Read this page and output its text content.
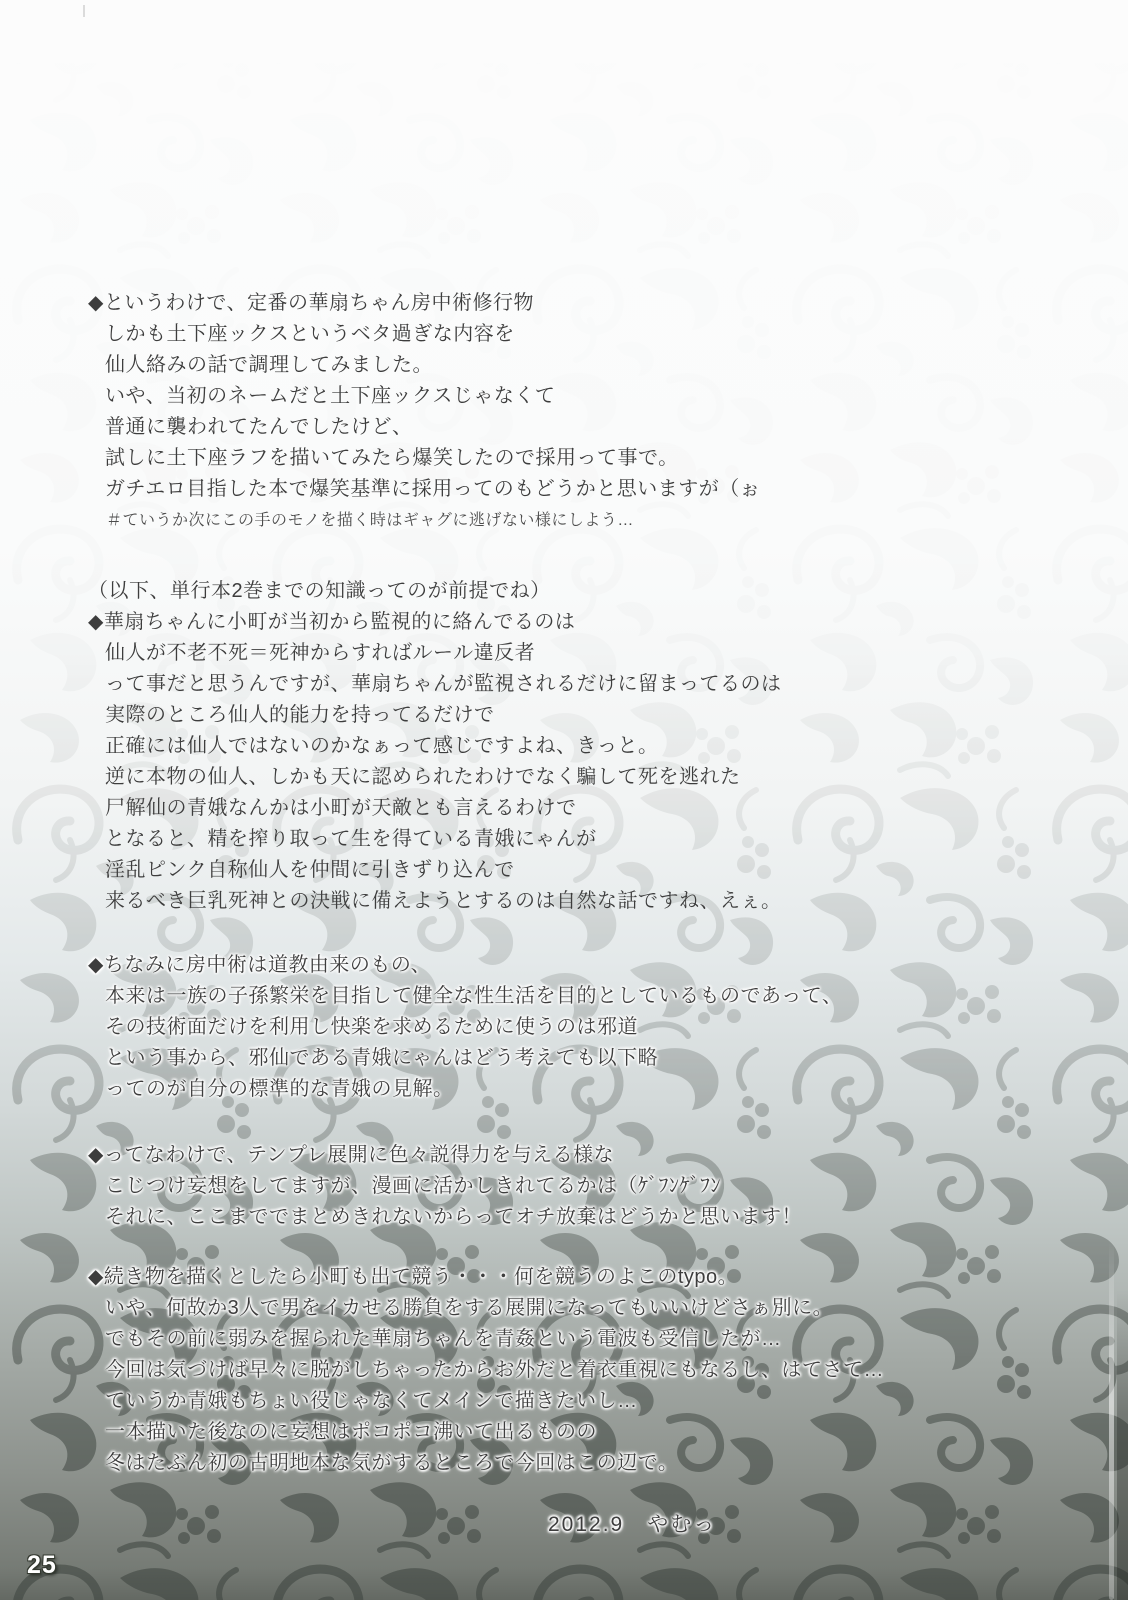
◆というわけで、定番の華扇ちゃん房中術修行物
しかも土下座ックスというベタ過ぎな内容を
仙人絡みの話で調理してみました。
いや、当初のネームだと土下座ックスじゃなくて
普通に襲われてたんでしたけど、
試しに土下座ラフを描いてみたら爆笑したので採用って事で。
ガチエロ目指した本で爆笑基準に採用ってのもどうかと思いますが（ぉ
＃ていうか次にこの手のモノを描く時はギャグに逃げない様にしよう…
（以下、単行本2巻までの知識ってのが前提でね）
◆華扇ちゃんに小町が当初から監視的に絡んでるのは
仙人が不老不死＝死神からすればルール違反者
って事だと思うんですが、華扇ちゃんが監視されるだけに留まってるのは
実際のところ仙人的能力を持ってるだけで
正確には仙人ではないのかなぁって感じですよね、きっと。
逆に本物の仙人、しかも天に認められたわけでなく騙して死を逃れた
尸解仙の青娥なんかは小町が天敵とも言えるわけで
となると、精を搾り取って生を得ている青娥にゃんが
淫乱ピンク自称仙人を仲間に引きずり込んで
来るべき巨乳死神との決戦に備えようとするのは自然な話ですね、えぇ。
◆ちなみに房中術は道教由来のもの、
本来は一族の子孫繁栄を目指して健全な性生活を目的としているものであって、
その技術面だけを利用し快楽を求めるために使うのは邪道
という事から、邪仙である青娥にゃんはどう考えても以下略
ってのが自分の標準的な青娥の見解。
◆ってなわけで、テンプレ展開に色々説得力を与える様な
こじつけ妄想をしてますが、漫画に活かしきれてるかは（ｹﾞﾌﾝｹﾞﾌﾝ
それに、ここまででまとめきれないからってオチ放棄はどうかと思います！
◆続き物を描くとしたら小町も出て競う・・・何を競うのよこのtypo。
いや、何故か3人で男をイカせる勝負をする展開になってもいいけどさぁ別に。
でもその前に弱みを握られた華扇ちゃんを青姦という電波も受信したが…
今回は気づけば早々に脱がしちゃったからお外だと着衣重視にもなるし、はてさて…
ていうか青娥もちょい役じゃなくてメインで描きたいし…
一本描いた後なのに妄想はポコポコ沸いて出るものの
冬はたぶん初の古明地本な気がするところで今回はこの辺で。
2012.9　やむっ
25
